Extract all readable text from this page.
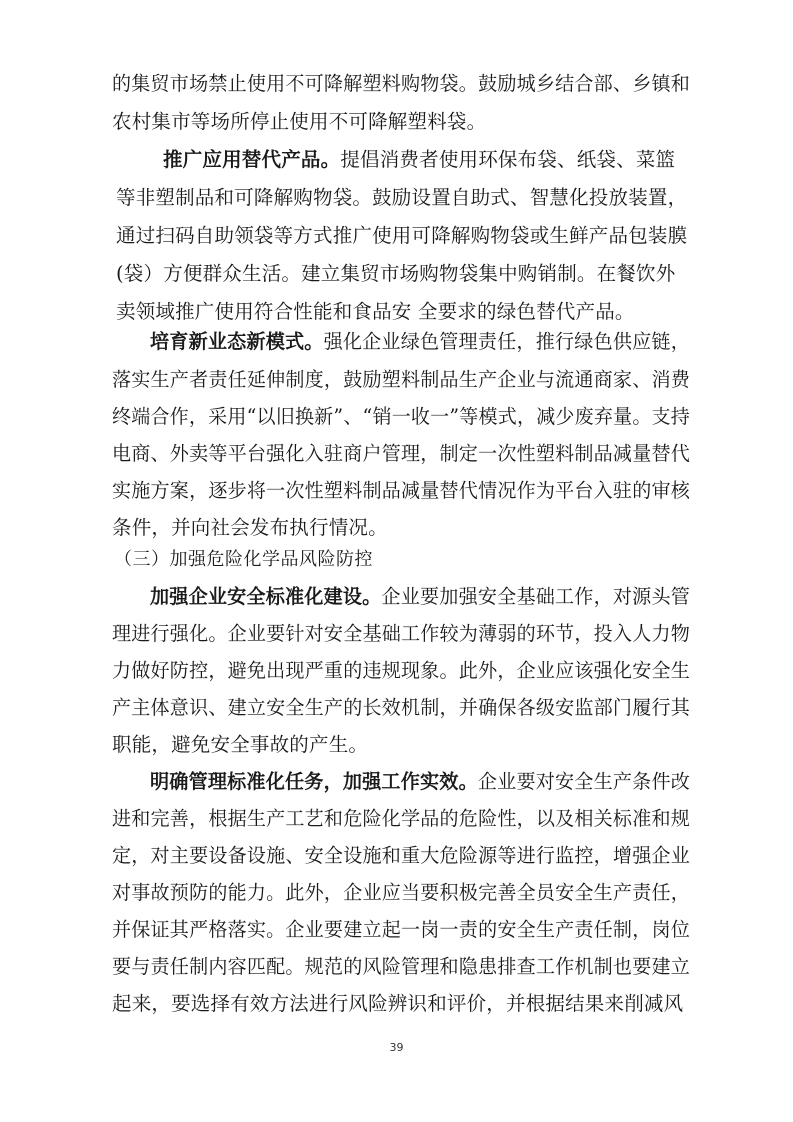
的集贸市场禁止使用不可降解塑料购物袋。鼓励城乡结合部、乡镇和
农村集市等场所停止使用不可降解塑料袋。
推广应用替代产品。提倡消费者使用环保布袋、纸袋、菜篮
等非塑制品和可降解购物袋。鼓励设置自助式、智慧化投放装置，
通过扫码自助领袋等方式推广使用可降解购物袋或生鲜产品包装膜
(袋）方便群众生活。建立集贸市场购物袋集中购销制。在餐饮外
卖领域推广使用符合性能和食品安 全要求的绿色替代产品。
培育新业态新模式。强化企业绿色管理责任，推行绿色供应链，
落实生产者责任延伸制度，鼓励塑料制品生产企业与流通商家、消费
终端合作，采用“以旧换新”、“销一收一”等模式，减少废弃量。支持
电商、外卖等平台强化入驻商户管理，制定一次性塑料制品减量替代
实施方案，逐步将一次性塑料制品减量替代情况作为平台入驻的审核
条件，并向社会发布执行情况。
（三）加强危险化学品风险防控
加强企业安全标准化建设。企业要加强安全基础工作，对源头管
理进行强化。企业要针对安全基础工作较为薄弱的环节，投入人力物
力做好防控，避免出现严重的违规现象。此外，企业应该强化安全生
产主体意识、建立安全生产的长效机制，并确保各级安监部门履行其
职能，避免安全事故的产生。
明确管理标准化任务，加强工作实效。企业要对安全生产条件改
进和完善，根据生产工艺和危险化学品的危险性，以及相关标准和规
定，对主要设备设施、安全设施和重大危险源等进行监控，增强企业
对事故预防的能力。此外，企业应当要积极完善全员安全生产责任，
并保证其严格落实。企业要建立起一岗一责的安全生产责任制，岗位
要与责任制内容匹配。规范的风险管理和隐患排查工作机制也要建立
起来，要选择有效方法进行风险辨识和评价，并根据结果来削减风
39
